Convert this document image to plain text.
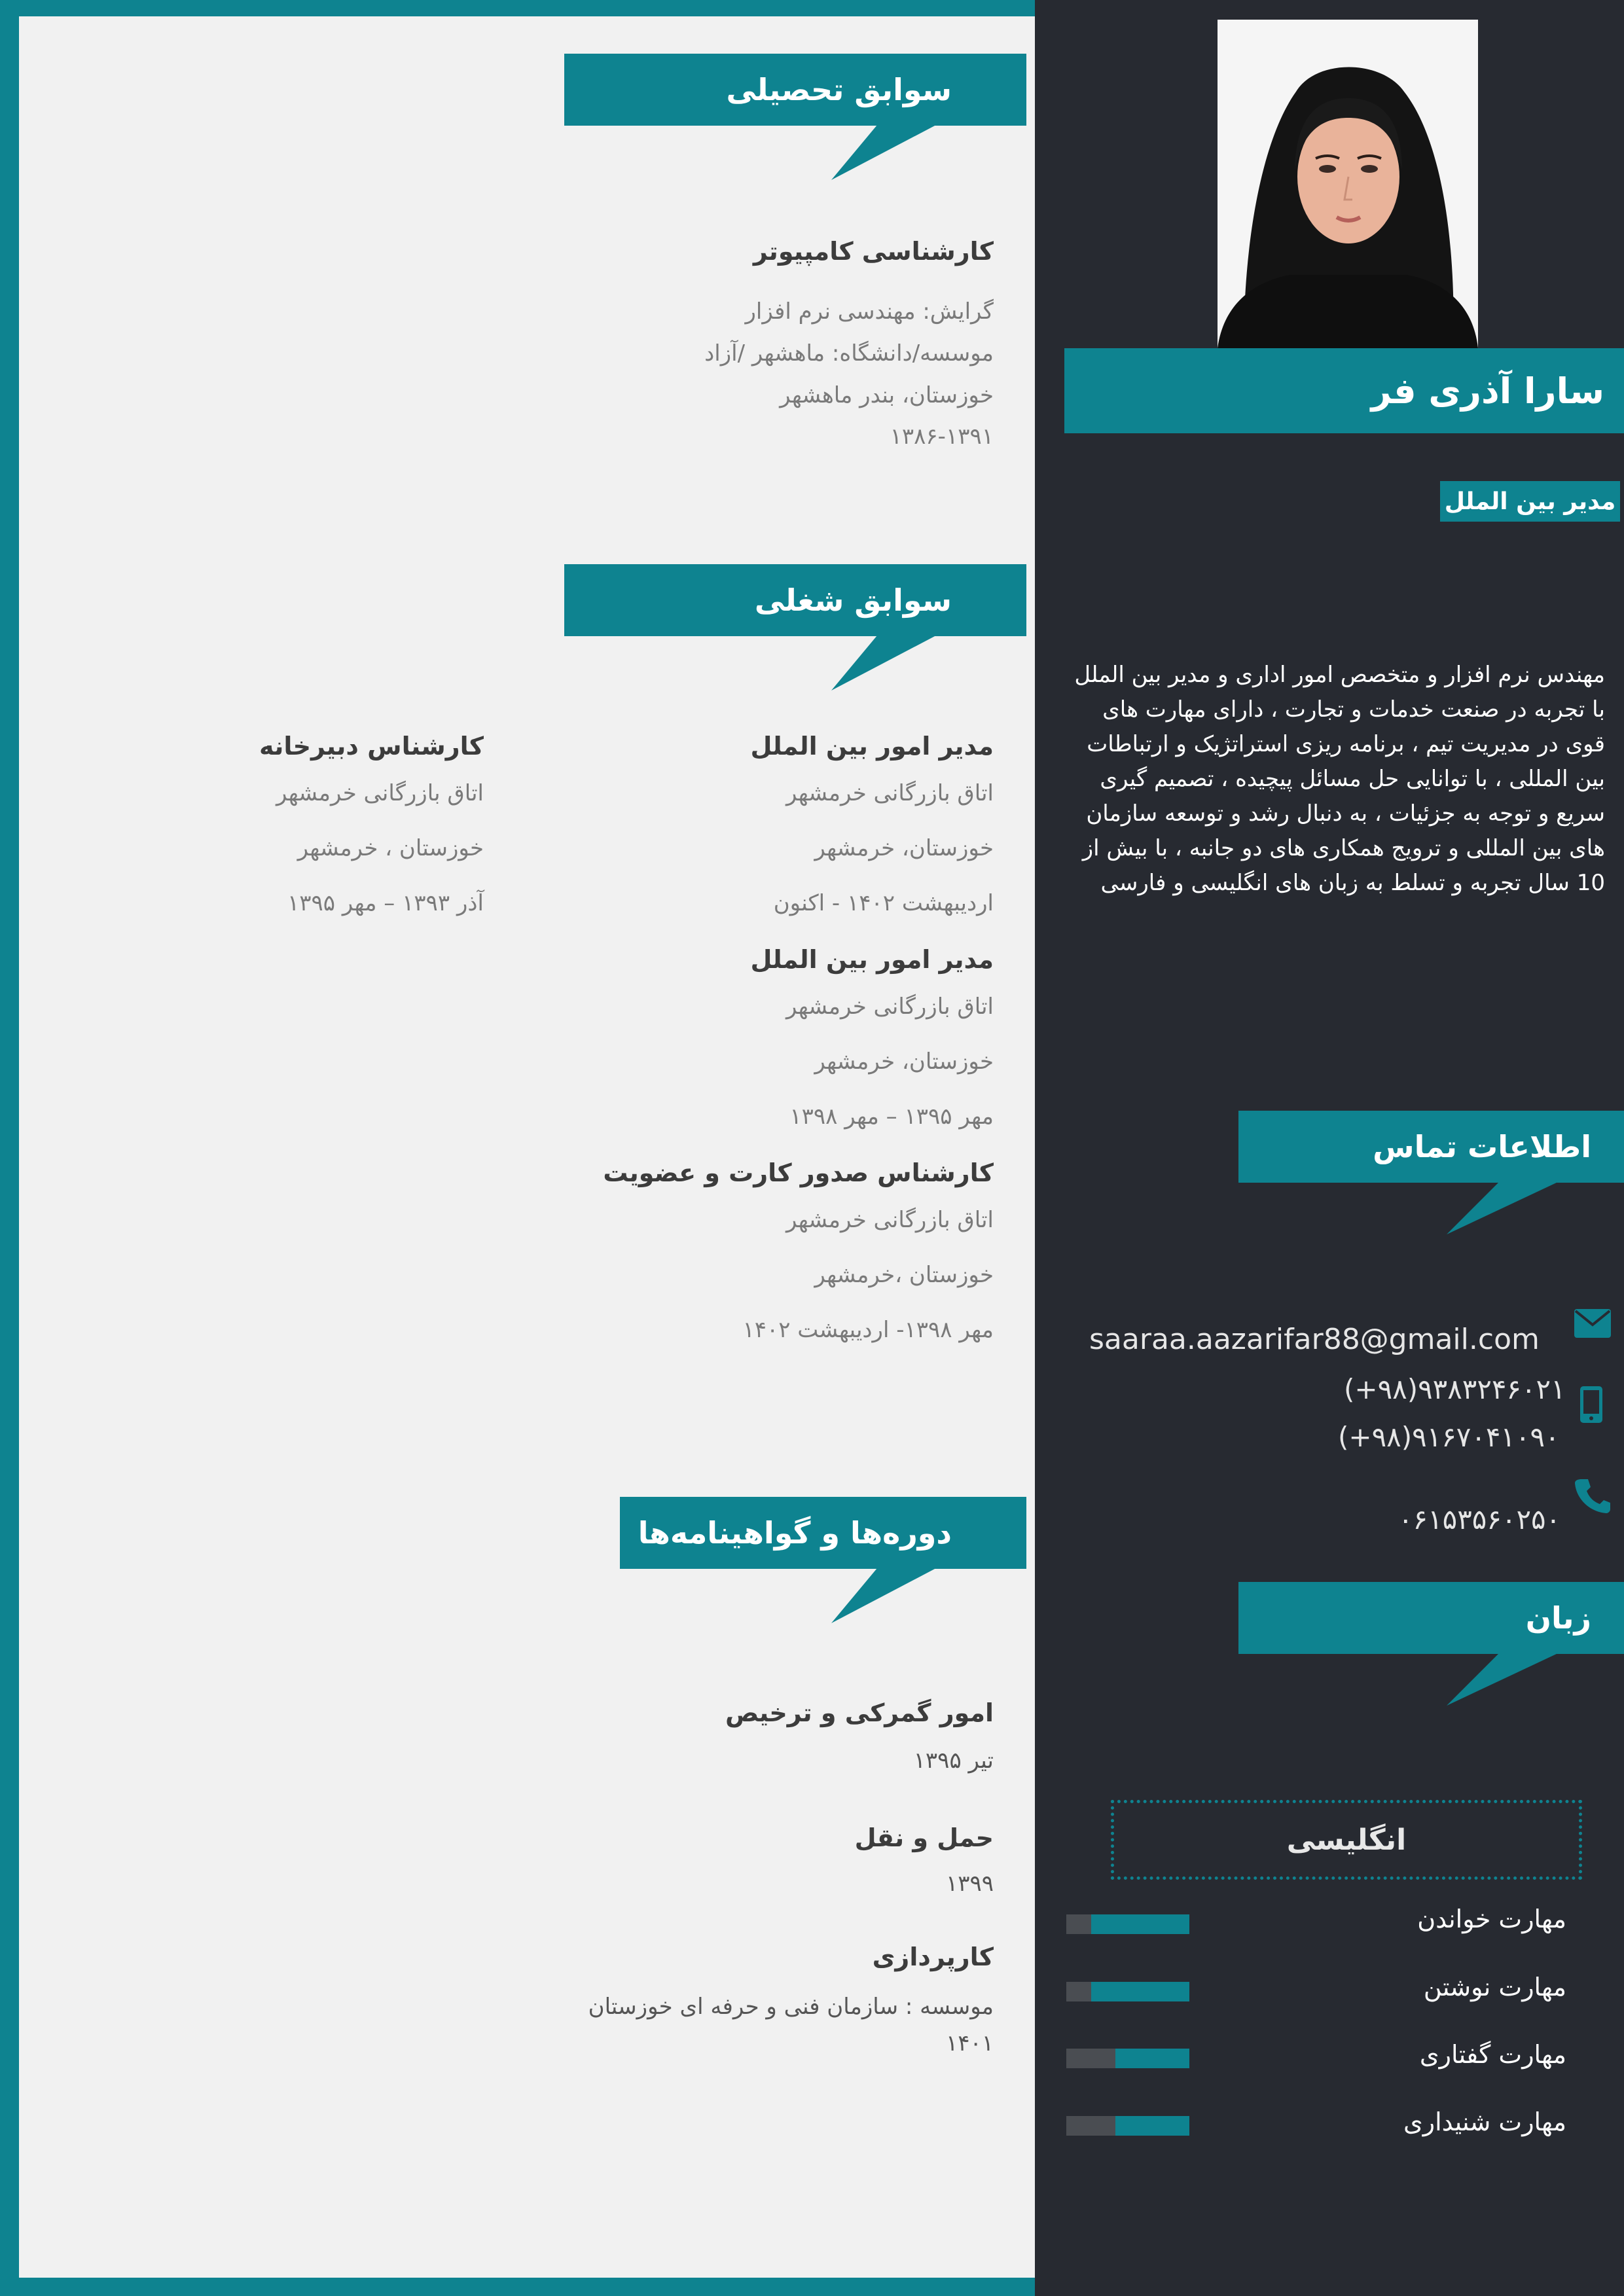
سارا آذری فر
مدیر بین الملل
مهندس نرم افزار و متخصص امور اداری و مدیر بین الملل با تجربه در صنعت خدمات و تجارت ، دارای مهارت های قوی در مدیریت تیم ، برنامه ریزی استراتژیک و ارتباطات بین المللی ، با توانایی حل مسائل پیچیده ، تصمیم گیری سریع و توجه به جزئیات ، به دنبال رشد و توسعه سازمان های بین المللی و ترویج همکاری های دو جانبه ، با بیش از 10 سال تجربه و تسلط به زبان های انگلیسی و فارسی
اطلاعات تماس
saaraa.aazarifar88@gmail.com
(+۹۸)۹۳۸۳۲۴۶۰۲۱
(+۹۸)۹۱۶۷۰۴۱۰۹۰
۰۶۱۵۳۵۶۰۲۵۰
زبان
انگلیسی
مهارت خواندن
مهارت نوشتن
مهارت گفتاری
مهارت شنیداری
سوابق تحصیلی
کارشناسی کامپیوتر
گرایش: مهندسی نرم افزار
موسسه/دانشگاه: ماهشهر /آزاد
خوزستان، بندر ماهشهر
۱۳۸۶-۱۳۹۱
سوابق شغلی
مدیر امور بین الملل
اتاق بازرگانی خرمشهر
خوزستان، خرمشهر
اردیبهشت ۱۴۰۲ - اکنون
کارشناس دبیرخانه
اتاق بازرگانی خرمشهر
خوزستان ، خرمشهر
آذر ۱۳۹۳ – مهر ۱۳۹۵
مدیر امور بین الملل
اتاق بازرگانی خرمشهر
خوزستان، خرمشهر
مهر ۱۳۹۵ – مهر ۱۳۹۸
کارشناس صدور کارت و عضویت
اتاق بازرگانی خرمشهر
خوزستان ،خرمشهر
مهر ۱۳۹۸- اردیبهشت ۱۴۰۲
دوره‌ها و گواهینامه‌ها
امور گمرکی و ترخیص
تیر ۱۳۹۵
حمل و نقل
۱۳۹۹
کارپردازی
موسسه : سازمان فنی و حرفه ای خوزستان
۱۴۰۱
